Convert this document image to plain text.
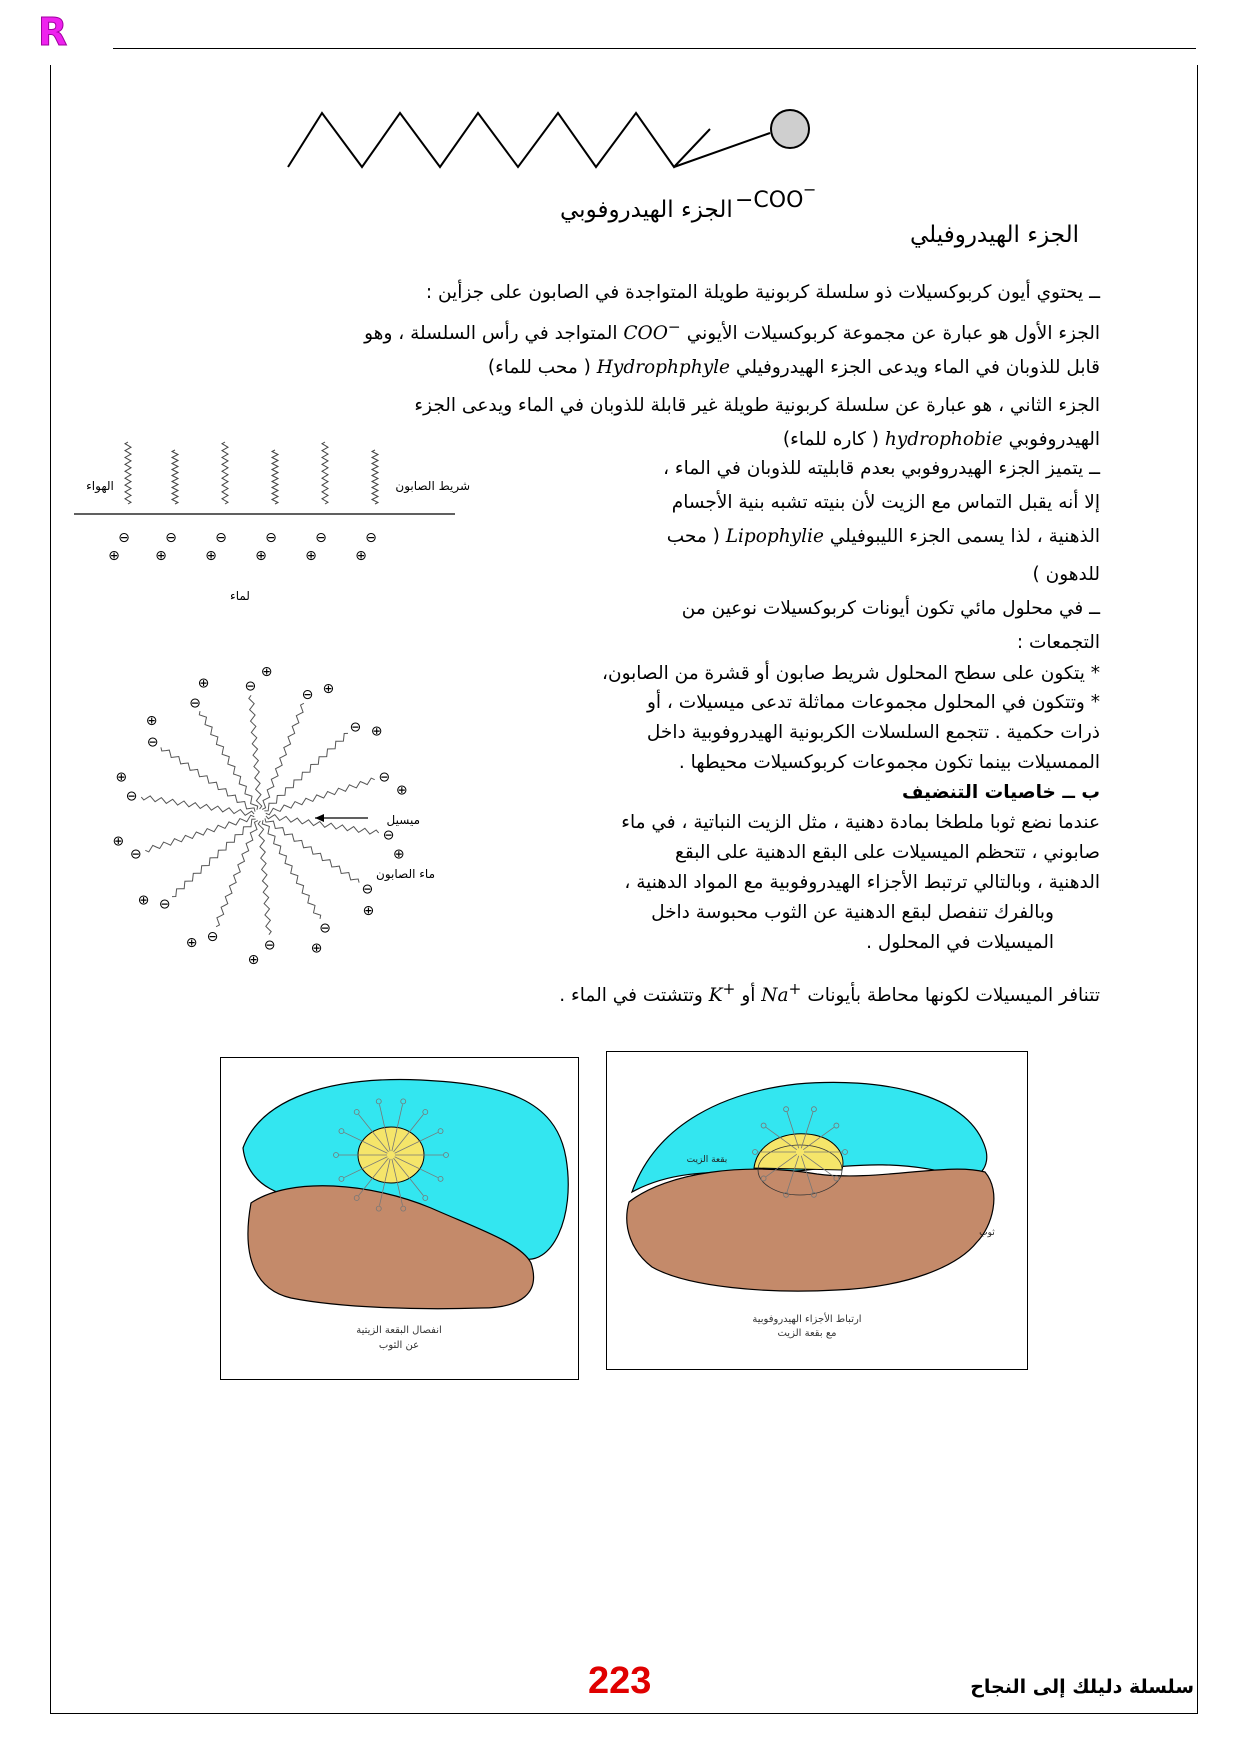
R
−COO −
الجزء الهيدروفوبي
الجزء الهيدروفيلي

ــ يحتوي أيون كربوكسيلات ذو سلسلة كربونية طويلة المتواجدة في الصابون على جزأين :

الجزء الأول هو عبارة عن مجموعة كربوكسيلات الأيوني COO− المتواجد في رأس السلسلة ، وهو

قابل للذوبان في الماء ويدعى الجزء الهيدروفيلي Hydrophphyle ( محب للماء)

الجزء الثاني ، هو عبارة عن سلسلة كربونية طويلة غير قابلة للذوبان في الماء ويدعى الجزء

الهيدروفوبي hydrophobie ( كاره للماء)

ــ يتميز الجزء الهيدروفوبي بعدم قابليته للذوبان في الماء ،

إلا أنه يقبل التماس مع الزيت لأن بنيته تشبه بنية الأجسام

الذهنية ، لذا يسمى الجزء الليبوفيلي Lipophylie ( محب

للدهون )

ــ في محلول مائي تكون أيونات كربوكسيلات نوعين من

التجمعات :

* يتكون على سطح المحلول شريط صابون أو قشرة من الصابون،

* وتتكون في المحلول مجموعات مماثلة تدعى ميسيلات ، أو

ذرات حكمية . تتجمع السلسلات الكربونية الهيدروفوبية داخل

الممسيلات بينما تكون مجموعات كربوكسيلات محيطها .

ب ــ خاصيات التنضيف

عندما نضع ثوبا ملطخا بمادة دهنية ، مثل الزيت النباتية ، في ماء

صابوني ، تتحظم الميسيلات على البقع الدهنية على البقع

الدهنية ، وبالتالي ترتبط الأجزاء الهيدروفوبية مع المواد الدهنية ،

وبالفرك تنفصل لبقع الدهنية عن الثوب محبوسة داخل

الميسيلات في المحلول .

تتنافر الميسيلات لكونها محاطة بأيونات Na+ أو K+ وتتشتت في الماء .

الهواء	شريط الصابون
لماء
⊖
⊕
⊖
⊕
⊖
⊕
⊖
⊕
⊖
⊕
⊖
⊕
⊖
⊕
⊖
⊕
⊖
⊕
⊖
⊕
⊖
⊕
⊖
⊕
⊖
⊕
⊖
⊕
⊖
⊕
⊖
⊕	⊖
⊕
⊖ ⊕
⊖ ⊕
⊖
⊕
ميسيل
ماء الصابون
انفصال البقعة الزيتية
عن الثوب
بقعة الزيت
ثوب
ارتباط الأجزاء الهيدروفوبية
مع بقعة الزيت
223	سلسلة دليلك إلى النجاح
